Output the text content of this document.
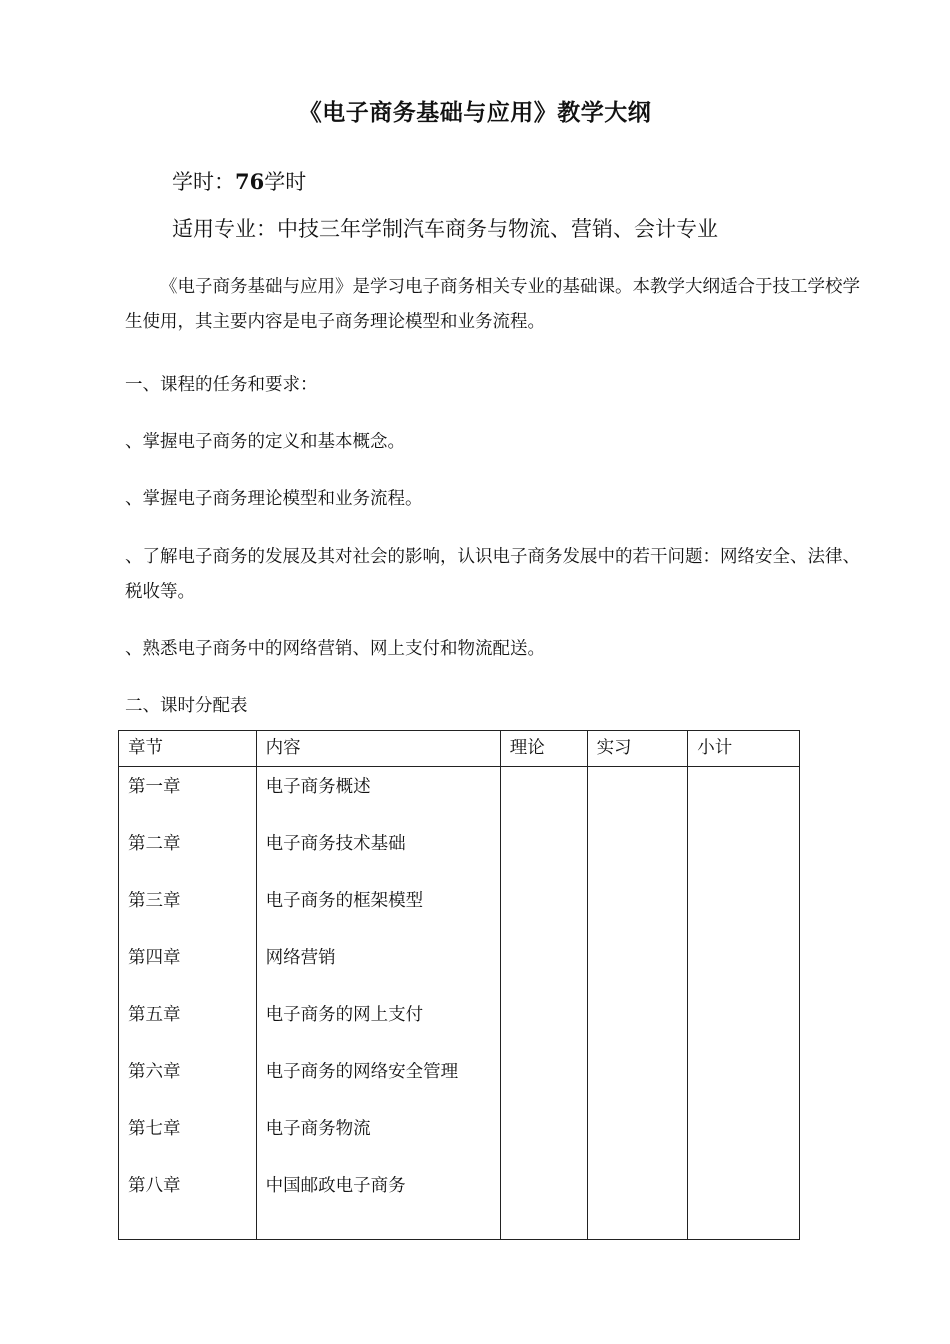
《电子商务基础与应用》教学大纲
学时：76学时
适用专业：中技三年学制汽车商务与物流、营销、会计专业
《电子商务基础与应用》是学习电子商务相关专业的基础课。本教学大纲适合于技工学校学生使用，其主要内容是电子商务理论模型和业务流程。
一、课程的任务和要求：
、掌握电子商务的定义和基本概念。
、掌握电子商务理论模型和业务流程。
、了解电子商务的发展及其对社会的影响，认识电子商务发展中的若干问题：网络安全、法律、税收等。
、熟悉电子商务中的网络营销、网上支付和物流配送。
二、课时分配表
章节	内容	理论	实习	小计
第一章	电子商务概述			
第二章	电子商务技术基础			
第三章	电子商务的框架模型			
第四章	网络营销			
第五章	电子商务的网上支付			
第六章	电子商务的网络安全管理			
第七章	电子商务物流			
第八章	中国邮政电子商务			
